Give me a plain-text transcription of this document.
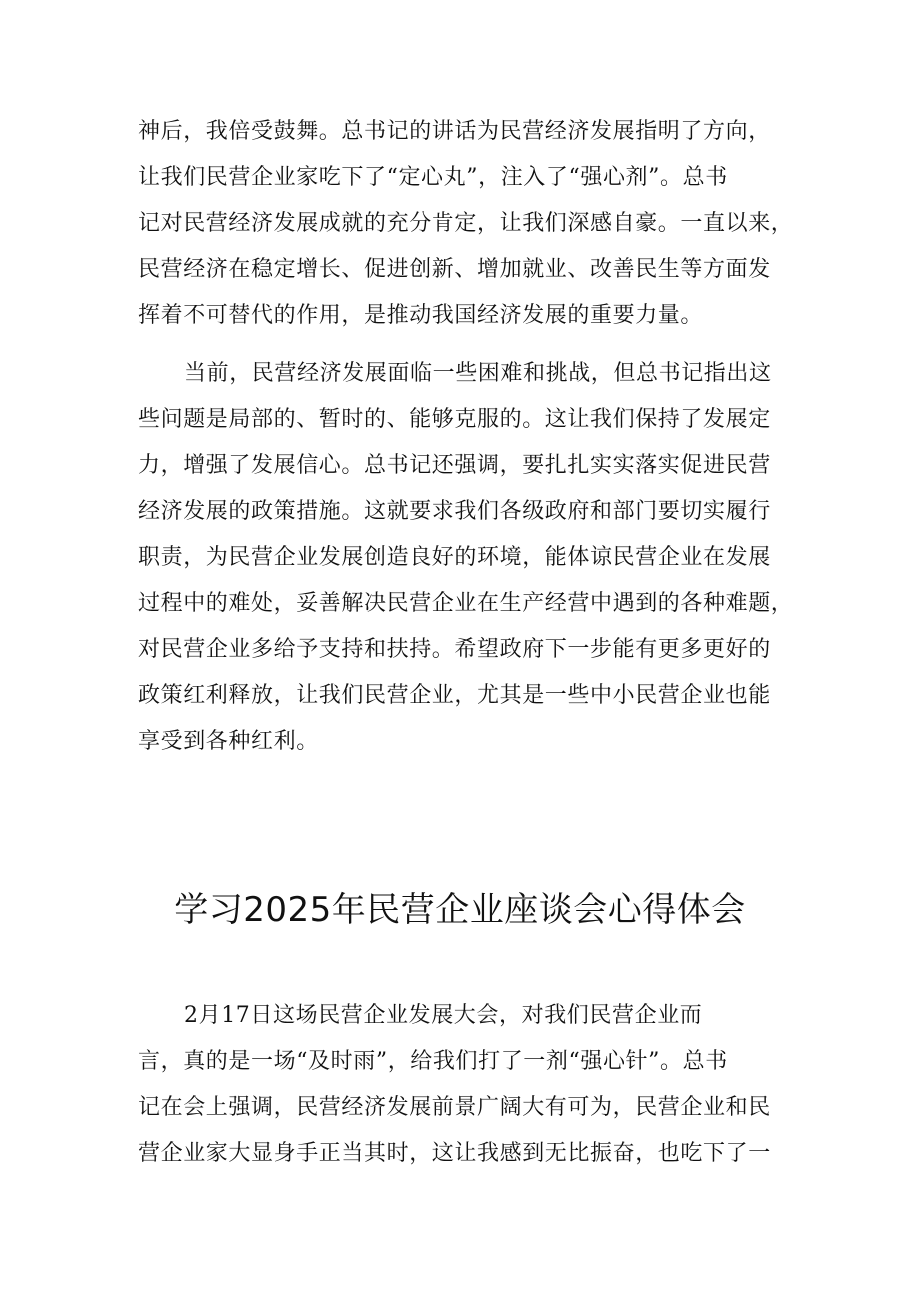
神后，我倍受鼓舞。总书记的讲话为民营经济发展指明了方向，
让我们民营企业家吃下了“定心丸”，注入了“强心剂”。总书
记对民营经济发展成就的充分肯定，让我们深感自豪。一直以来，
民营经济在稳定增长、促进创新、增加就业、改善民生等方面发
挥着不可替代的作用，是推动我国经济发展的重要力量。
当前，民营经济发展面临一些困难和挑战，但总书记指出这
些问题是局部的、暂时的、能够克服的。这让我们保持了发展定
力，增强了发展信心。总书记还强调，要扎扎实实落实促进民营
经济发展的政策措施。这就要求我们各级政府和部门要切实履行
职责，为民营企业发展创造良好的环境，能体谅民营企业在发展
过程中的难处，妥善解决民营企业在生产经营中遇到的各种难题，
对民营企业多给予支持和扶持。希望政府下一步能有更多更好的
政策红利释放，让我们民营企业，尤其是一些中小民营企业也能
享受到各种红利。
学习2025年民营企业座谈会心得体会
2月17日这场民营企业发展大会，对我们民营企业而
言，真的是一场“及时雨”，给我们打了一剂“强心针”。总书
记在会上强调，民营经济发展前景广阔大有可为，民营企业和民
营企业家大显身手正当其时，这让我感到无比振奋，也吃下了一
